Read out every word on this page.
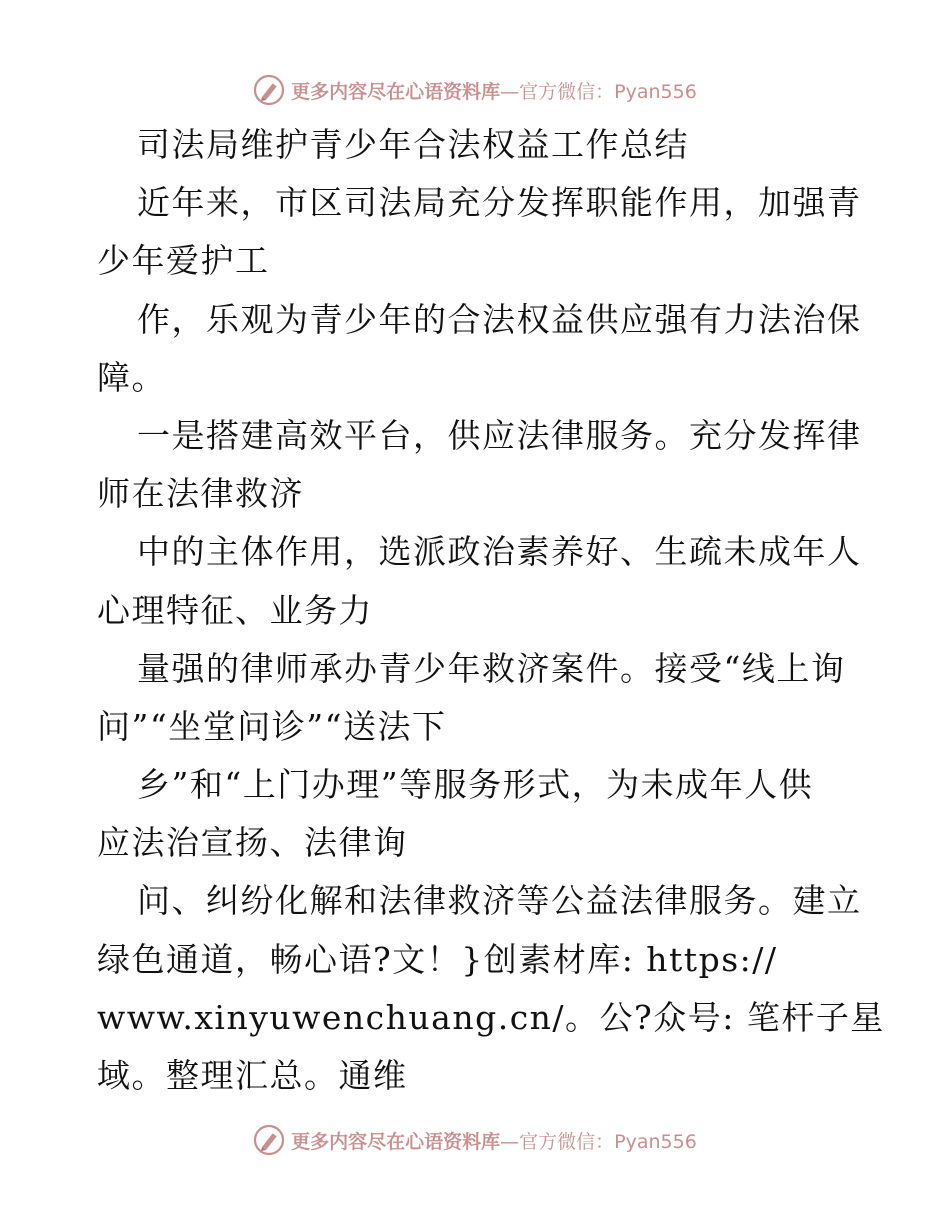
更多内容尽在心语资料库 —官方微信：Pyan556
司法局维护青少年合法权益工作总结
近年来，市区司法局充分发挥职能作用，加强青
少年爱护工
作，乐观为青少年的合法权益供应强有力法治保
障。
一是搭建高效平台，供应法律服务。充分发挥律
师在法律救济
中的主体作用，选派政治素养好、生疏未成年人
心理特征、业务力
量强的律师承办青少年救济案件。接受“线上询
问”“坐堂问诊”“送法下
乡”和“上门办理”等服务形式，为未成年人供
应法治宣扬、法律询
问、纠纷化解和法律救济等公益法律服务。建立
绿色通道，畅心语?文！}创素材库: https://
www.xinyuwenchuang.cn/。公?众号: 笔杆子星
域。整理汇总。通维
更多内容尽在心语资料库 —官方微信：Pyan556
